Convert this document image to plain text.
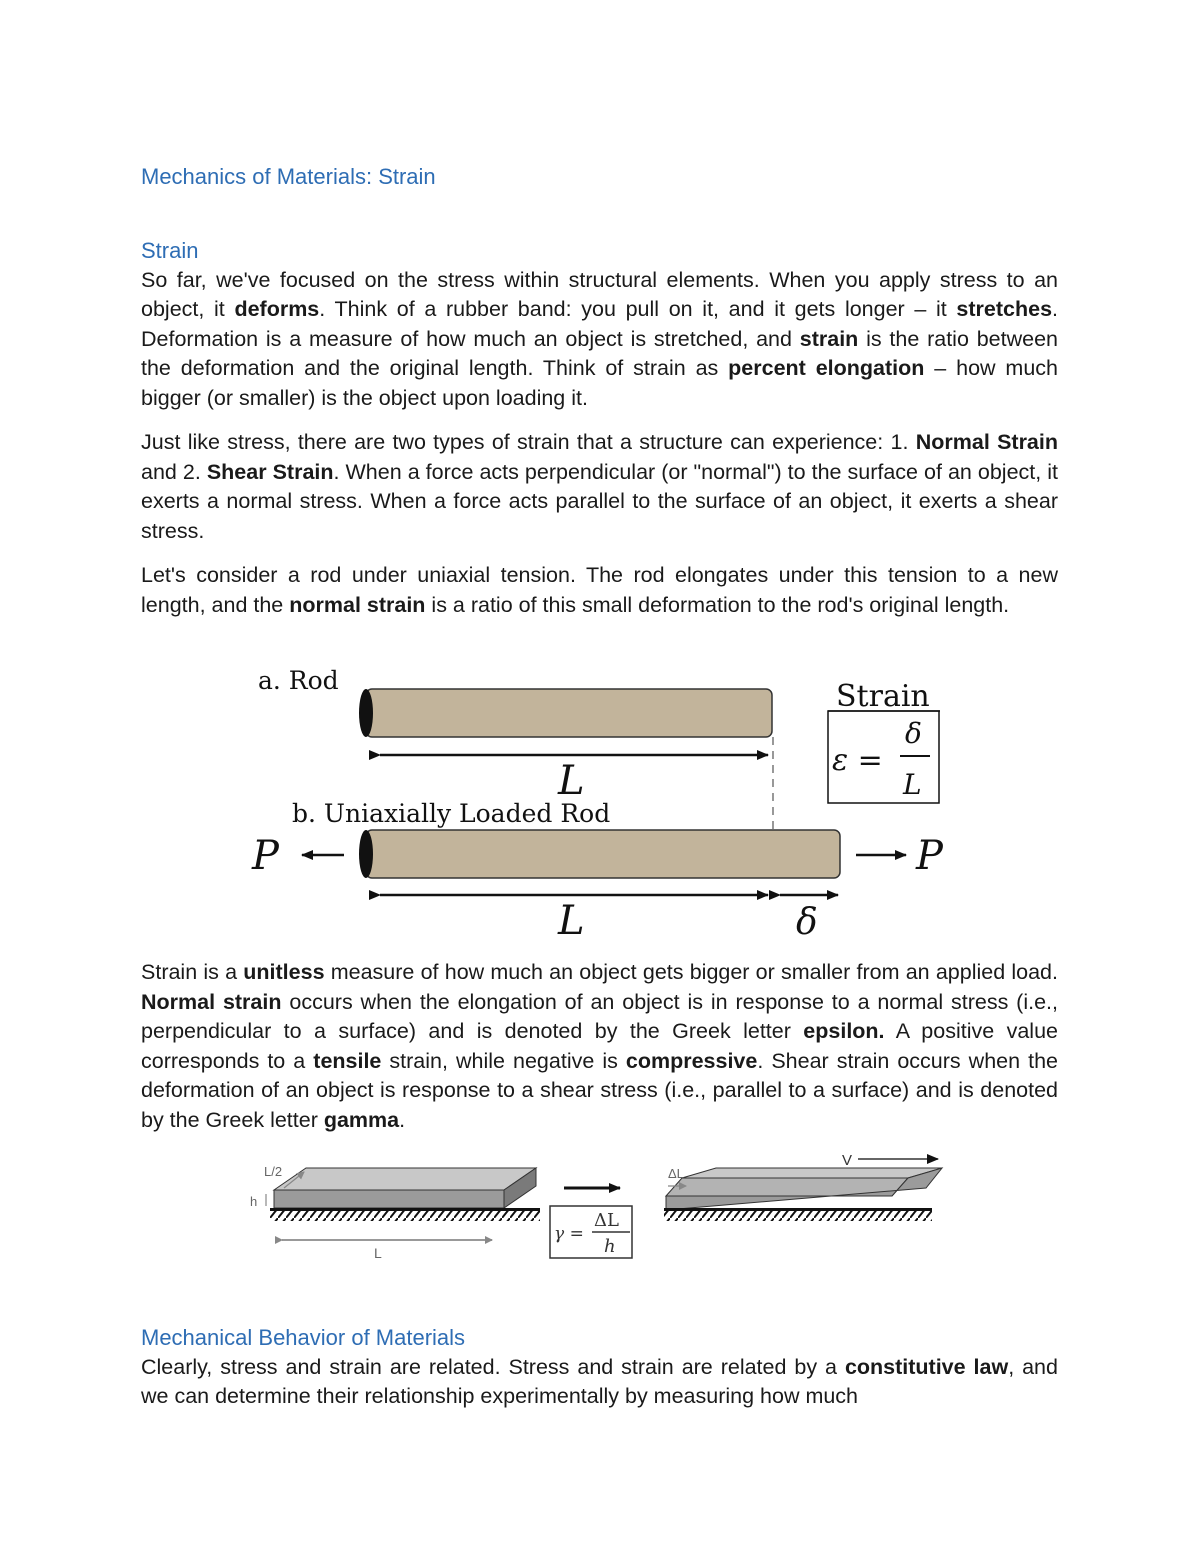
Mechanics of Materials: Strain
Strain

So far, we've focused on the stress within structural elements. When you apply stress to an object, it deforms. Think of a rubber band: you pull on it, and it gets longer – it stretches. Deformation is a measure of how much an object is stretched, and strain is the ratio between the deformation and the original length. Think of strain as percent elongation – how much bigger (or smaller) is the object upon loading it.

Just like stress, there are two types of strain that a structure can experience: 1. Normal Strain and 2. Shear Strain. When a force acts perpendicular (or "normal") to the surface of an object, it exerts a normal stress. When a force acts parallel to the surface of an object, it exerts a shear stress.

Let's consider a rod under uniaxial tension. The rod elongates under this tension to a new length, and the normal strain is a ratio of this small deformation to the rod's original length.

Strain is a unitless measure of how much an object gets bigger or smaller from an applied load. Normal strain occurs when the elongation of an object is in response to a normal stress (i.e., perpendicular to a surface) and is denoted by the Greek letter epsilon. A positive value corresponds to a tensile strain, while negative is compressive. Shear strain occurs when the deformation of an object is response to a shear stress (i.e., parallel to a surface) and is denoted by the Greek letter gamma.

Mechanical Behavior of Materials

Clearly, stress and strain are related. Stress and strain are related by a constitutive law, and we can determine their relationship experimentally by measuring how much

a. Rod
L
Strain
ε =
δ
L
b. Uniaxially Loaded Rod
P	P
L	δ
L/2
h
L
γ =
ΔL
h
ΔL
V
